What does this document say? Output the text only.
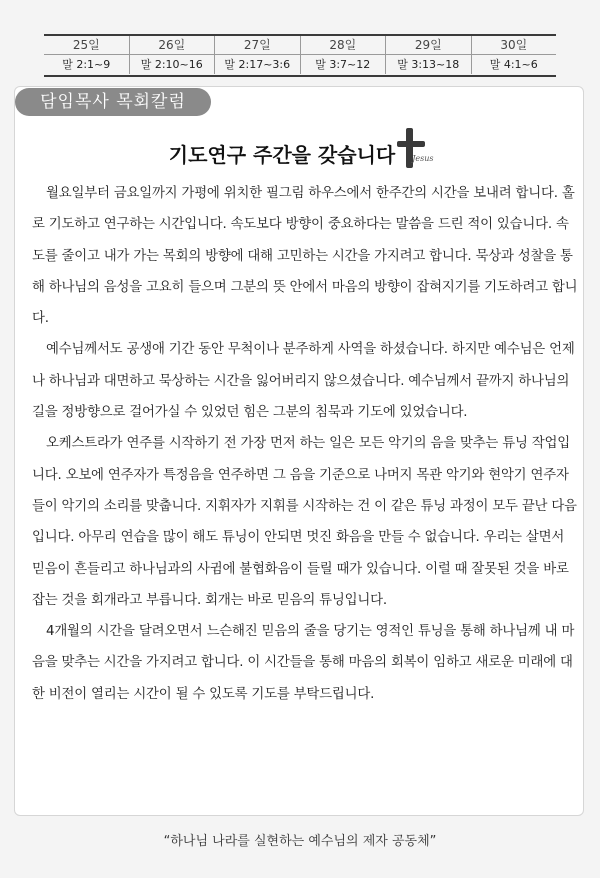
25일
말 2:1~9
26일
말 2:10~16
27일
말 2:17~3:6
28일
말 3:7~12
29일
말 3:13~18
30일
말 4:1~6
담임목사 목회칼럼
기도연구 주간을 갖습니다 Jesus

월요일부터 금요일까지 가평에 위치한 필그림 하우스에서 한주간의 시간을 보내려 합니다. 홀로 기도하고 연구하는 시간입니다. 속도보다 방향이 중요하다는 말씀을 드린 적이 있습니다. 속도를 줄이고 내가 가는 목회의 방향에 대해 고민하는 시간을 가지려고 합니다. 묵상과 성찰을 통해 하나님의 음성을 고요히 들으며 그분의 뜻 안에서 마음의 방향이 잡혀지기를 기도하려고 합니다.

예수님께서도 공생애 기간 동안 무척이나 분주하게 사역을 하셨습니다. 하지만 예수님은 언제나 하나님과 대면하고 묵상하는 시간을 잃어버리지 않으셨습니다. 예수님께서 끝까지 하나님의 길을 정방향으로 걸어가실 수 있었던 힘은 그분의 침묵과 기도에 있었습니다.

오케스트라가 연주를 시작하기 전 가장 먼저 하는 일은 모든 악기의 음을 맞추는 튜닝 작업입니다. 오보에 연주자가 특정음을 연주하면 그 음을 기준으로 나머지 목관 악기와 현악기 연주자들이 악기의 소리를 맞춥니다. 지휘자가 지휘를 시작하는 건 이 같은 튜닝 과정이 모두 끝난 다음입니다. 아무리 연습을 많이 해도 튜닝이 안되면 멋진 화음을 만들 수 없습니다. 우리는 살면서 믿음이 흔들리고 하나님과의 사귐에 불협화음이 들릴 때가 있습니다. 이럴 때 잘못된 것을 바로 잡는 것을 회개라고 부릅니다. 회개는 바로 믿음의 튜닝입니다.

4개월의 시간을 달려오면서 느슨해진 믿음의 줄을 당기는 영적인 튜닝을 통해 하나님께 내 마음을 맞추는 시간을 가지려고 합니다. 이 시간들을 통해 마음의 회복이 임하고 새로운 미래에 대한 비전이 열리는 시간이 될 수 있도록 기도를 부탁드립니다.

“하나님 나라를 실현하는 예수님의 제자 공동체”
